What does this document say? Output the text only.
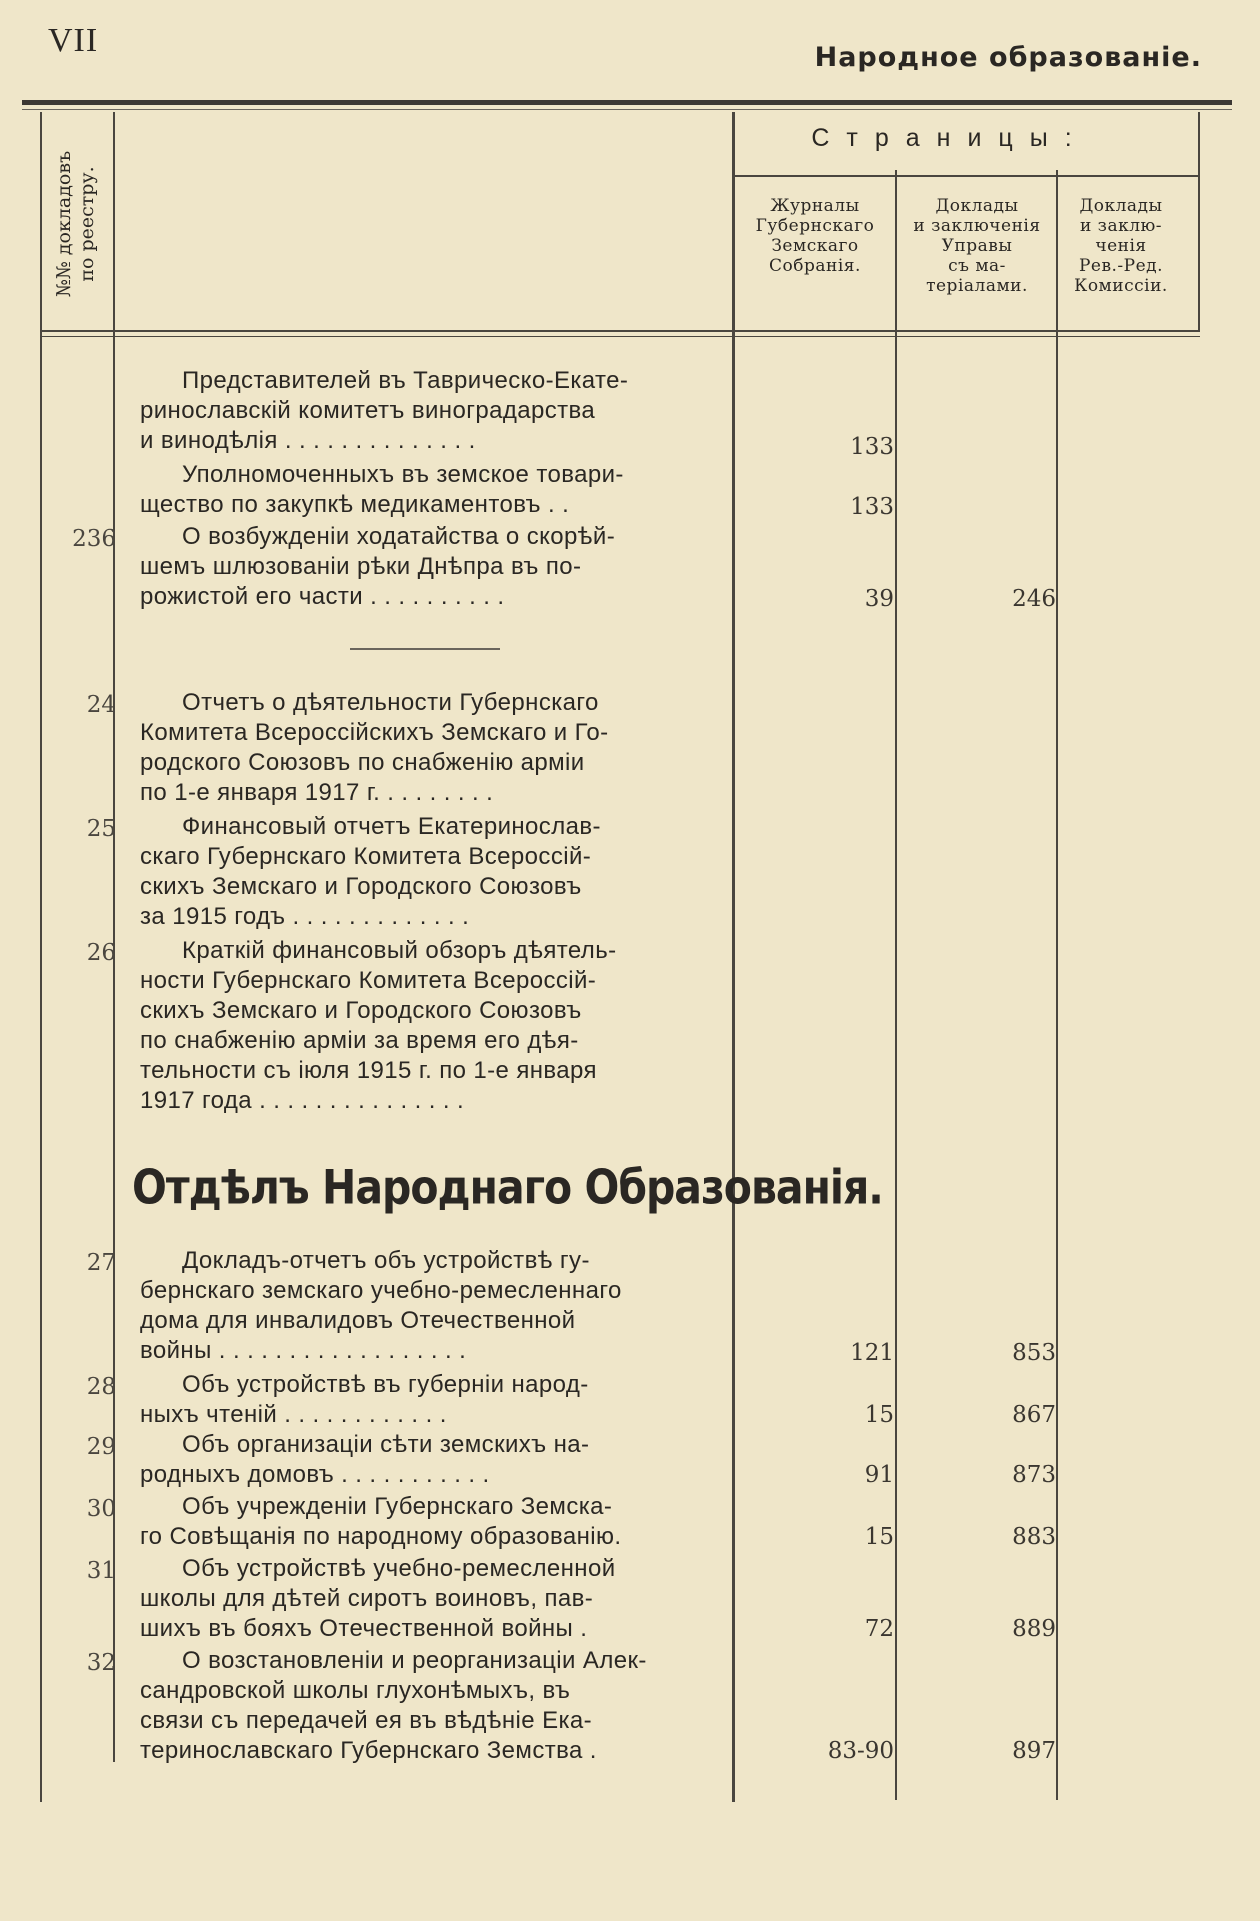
VII	Народное образованіе.
№№ докладовъ
по реестру.
Страницы:
Журналы
Губернскаго
Земскаго
Собранія.
Доклады
и заключенія
Управы
съ ма-
теріалами.
Доклады
и заклю-
ченія
Рев.-Ред.
Комиссіи.
Представителей въ Таврическо-Екате-
ринославскій комитетъ виноградарства
и винодѣлія . . . . . . . . . . . . . .	133
Уполномоченныхъ въ земское товари-
щество по закупкѣ медикаментовъ . .	133
236	О возбужденіи ходатайства о скорѣй-
шемъ шлюзованіи рѣки Днѣпра въ по-
рожистой его части . . . . . . . . . .	39	246
24	Отчетъ о дѣятельности Губернскаго
Комитета Всероссійскихъ Земскаго и Го-
родского Союзовъ по снабженію арміи
по 1-е января 1917 г. . . . . . . . .
25	Финансовый отчетъ Екатеринослав-
скаго Губернскаго Комитета Всероссій-
скихъ Земскаго и Городского Союзовъ
за 1915 годъ . . . . . . . . . . . . .
26	Краткій финансовый обзоръ дѣятель-
ности Губернскаго Комитета Всероссій-
скихъ Земскаго и Городского Союзовъ
по снабженію арміи за время его дѣя-
тельности съ іюля 1915 г. по 1-е января
1917 года . . . . . . . . . . . . . . .
Отдѣлъ Народнаго Образованія.
27	Докладъ-отчетъ объ устройствѣ гу-
бернскаго земскаго учебно-ремесленнаго
дома для инвалидовъ Отечественной
войны . . . . . . . . . . . . . . . . . .	121	853
28	Объ устройствѣ въ губерніи народ-
ныхъ чтеній . . . . . . . . . . . .	15	867
29	Объ организаціи сѣти земскихъ на-
родныхъ домовъ . . . . . . . . . . .	91	873
30	Объ учрежденіи Губернскаго Земска-
го Совѣщанія по народному образованію.	15	883
31	Объ устройствѣ учебно-ремесленной
школы для дѣтей сиротъ воиновъ, пав-
шихъ въ бояхъ Отечественной войны .	72	889
32	О возстановленіи и реорганизаціи Алек-
сандровской школы глухонѣмыхъ, въ
связи съ передачей ея въ вѣдѣніе Ека-
теринославскаго Губернскаго Земства .	83-90	897
